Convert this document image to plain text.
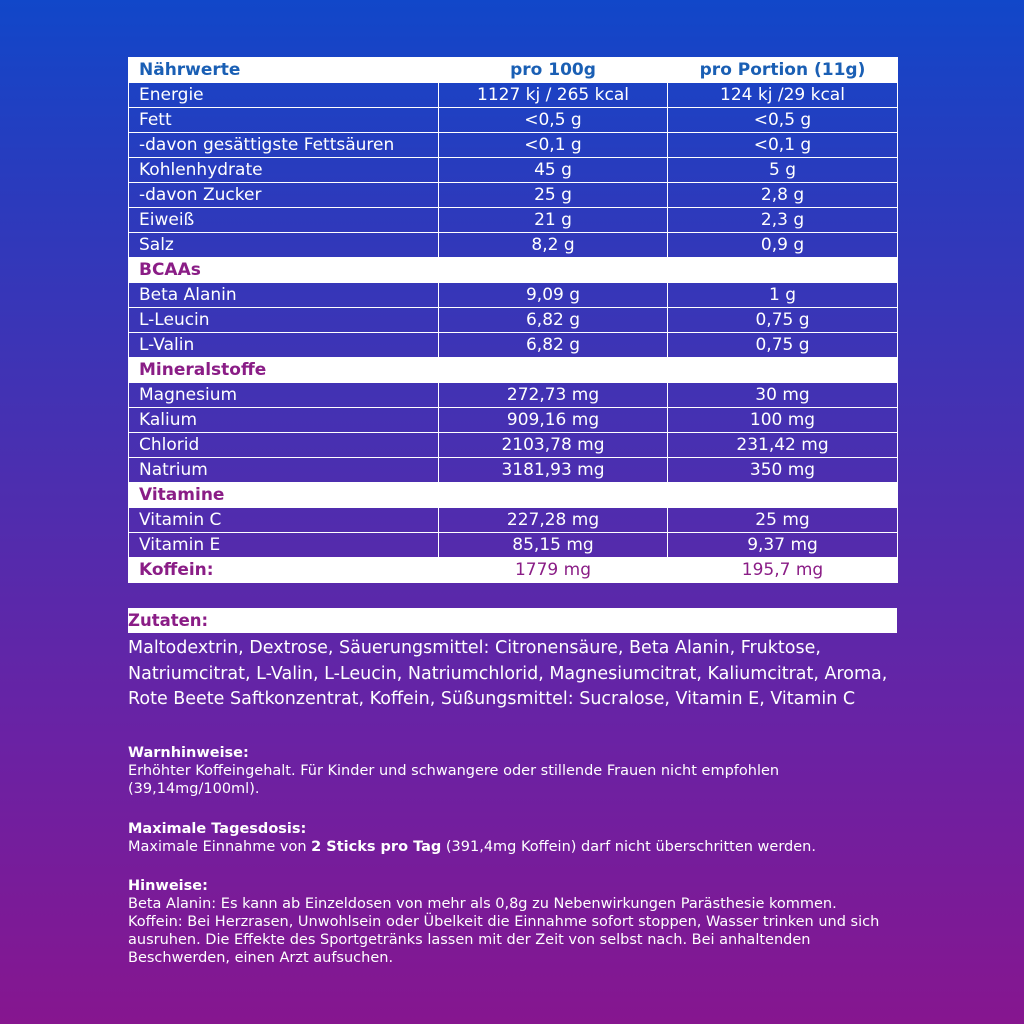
Nährwerte	pro 100g	pro Portion (11g)
Energie	1127 kj / 265 kcal	124 kj /29 kcal
Fett	<0,5 g	<0,5 g
-davon gesättigste Fettsäuren	<0,1 g	<0,1 g
Kohlenhydrate	45 g	5 g
-davon Zucker	25 g	2,8 g
Eiweiß	21 g	2,3 g
Salz	8,2 g	0,9 g
BCAAs		
Beta Alanin	9,09 g	1 g
L-Leucin	6,82 g	0,75 g
L-Valin	6,82 g	0,75 g
Mineralstoffe		
Magnesium	272,73 mg	30 mg
Kalium	909,16 mg	100 mg
Chlorid	2103,78 mg	231,42 mg
Natrium	3181,93 mg	350 mg
Vitamine		
Vitamin C	227,28 mg	25 mg
Vitamin E	85,15 mg	9,37 mg
Koffein:	1779 mg	195,7 mg
Zutaten:

Maltodextrin, Dextrose, Säuerungsmittel: Citronensäure, Beta Alanin, Fruktose, Natriumcitrat, L-Valin, L-Leucin, Natriumchlorid, Magnesiumcitrat, Kaliumcitrat, Aroma, Rote Beete Saftkonzentrat, Koffein, Süßungsmittel: Sucralose, Vitamin E, Vitamin C

Warnhinweise:

Erhöhter Koffeingehalt. Für Kinder und schwangere oder stillende Frauen nicht empfohlen (39,14mg/100ml).

Maximale Tagesdosis:

Maximale Einnahme von 2 Sticks pro Tag (391,4mg Koffein) darf nicht überschritten werden.

Hinweise:

Beta Alanin: Es kann ab Einzeldosen von mehr als 0,8g zu Nebenwirkungen Parästhesie kommen.

Koffein: Bei Herzrasen, Unwohlsein oder Übelkeit die Einnahme sofort stoppen, Wasser trinken und sich ausruhen. Die Effekte des Sportgetränks lassen mit der Zeit von selbst nach. Bei anhaltenden Beschwerden, einen Arzt aufsuchen.
